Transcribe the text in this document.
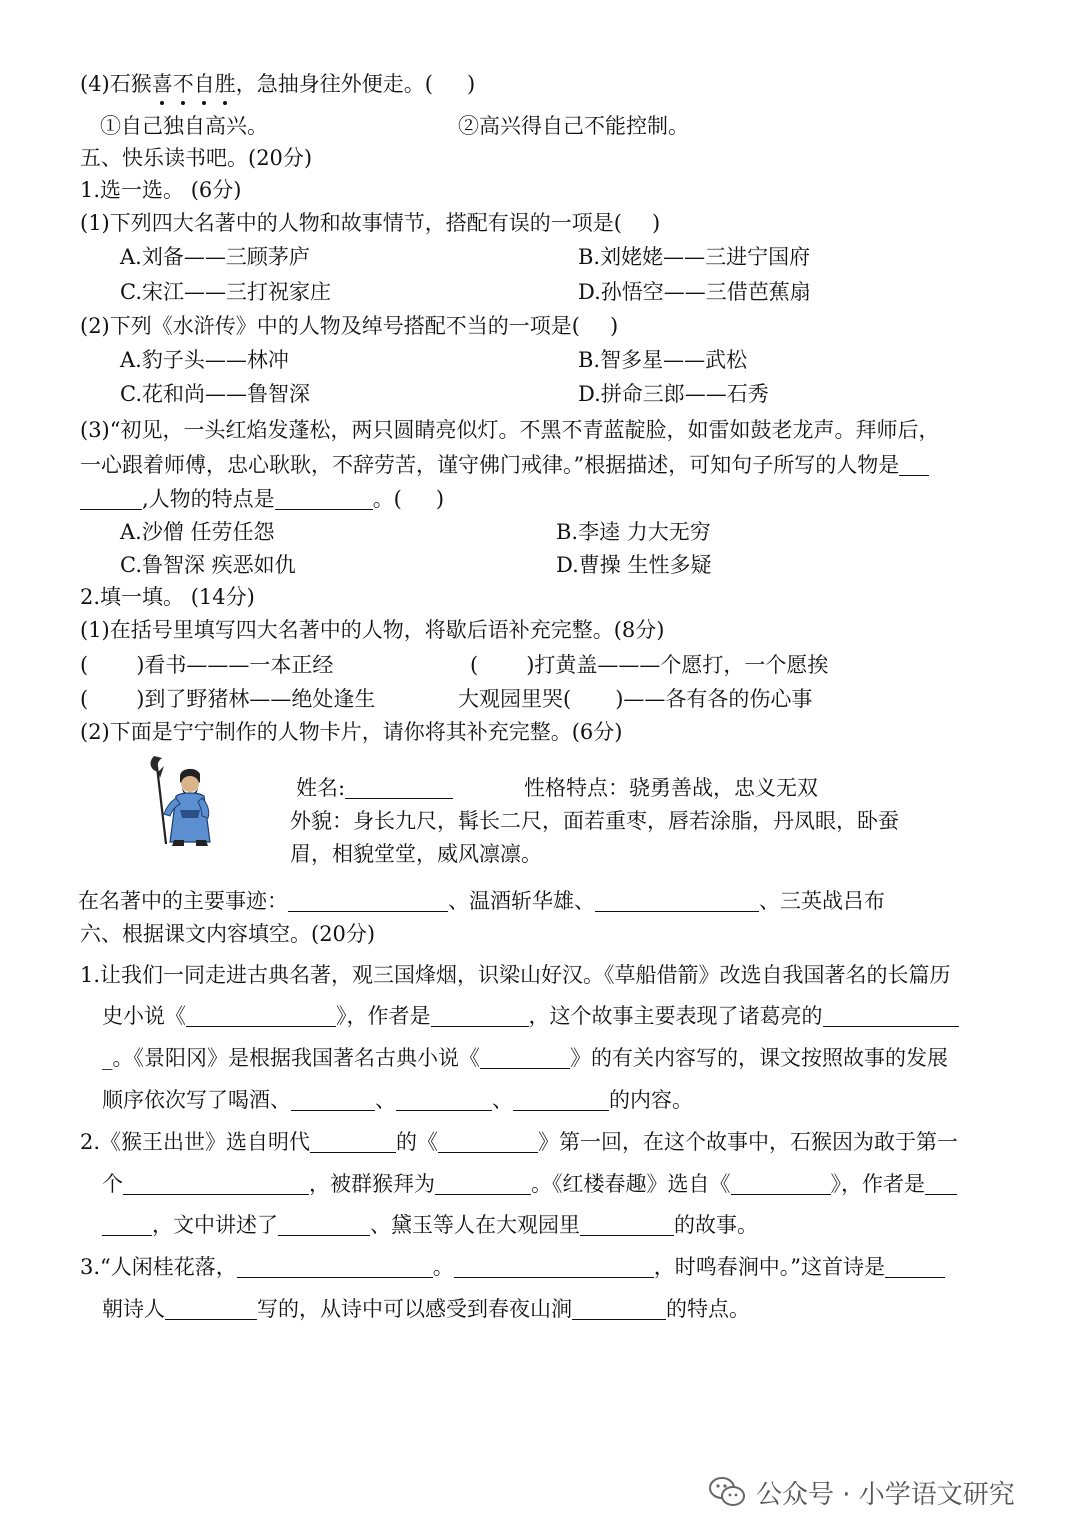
(4)石猴喜不自胜，急抽身往外便走。( )
①自己独自高兴。	②高兴得自己不能控制。
五、快乐读书吧。(20分)
1.选一选。 (6分)
(1)下列四大名著中的人物和故事情节，搭配有误的一项是( )
A.刘备——三顾茅庐	B.刘姥姥——三进宁国府
C.宋江——三打祝家庄	D.孙悟空——三借芭蕉扇
(2)下列《水浒传》中的人物及绰号搭配不当的一项是( )
A.豹子头——林冲	B.智多星——武松
C.花和尚——鲁智深	D.拼命三郎——石秀
(3)“初见，一头红焰发蓬松，两只圆睛亮似灯。不黑不青蓝靛脸，如雷如鼓老龙声。拜师后，
一心跟着师傅，忠心耿耿，不辞劳苦，谨守佛门戒律。”根据描述，可知句子所写的人物是
,人物的特点是	。( )
A.沙僧 任劳任怨	B.李逵 力大无穷
C.鲁智深 疾恶如仇	D.曹操 生性多疑
2.填一填。 (14分)
(1)在括号里填写四大名著中的人物，将歇后语补充完整。(8分)
( )看书———一本正经	( )打黄盖———个愿打，一个愿挨
( )到了野猪林——绝处逢生	大观园里哭( )——各有各的伤心事
(2)下面是宁宁制作的人物卡片，请你将其补充完整。(6分)
姓名:	性格特点：骁勇善战，忠义无双
外貌：身长九尺，髯长二尺，面若重枣，唇若涂脂，丹凤眼，卧蚕
眉，相貌堂堂，威风凛凛。
在名著中的主要事迹：	、温酒斩华雄、	、三英战吕布
六、根据课文内容填空。(20分)
1.让我们一同走进古典名著，观三国烽烟，识梁山好汉。《草船借箭》改选自我国著名的长篇历
史小说《	》，作者是	，这个故事主要表现了诸葛亮的
_。《景阳冈》是根据我国著名古典小说《	》的有关内容写的，课文按照故事的发展
顺序依次写了喝酒、	、	、	的内容。
2.《猴王出世》选自明代	的《	》第一回，在这个故事中，石猴因为敢于第一
个	，被群猴拜为	。《红楼春趣》选自《	》，作者是
，文中讲述了	、黛玉等人在大观园里	的故事。
3.“人闲桂花落，	。	，时鸣春涧中。”这首诗是
朝诗人	写的，从诗中可以感受到春夜山涧	的特点。
公众号 · 小学语文研究
